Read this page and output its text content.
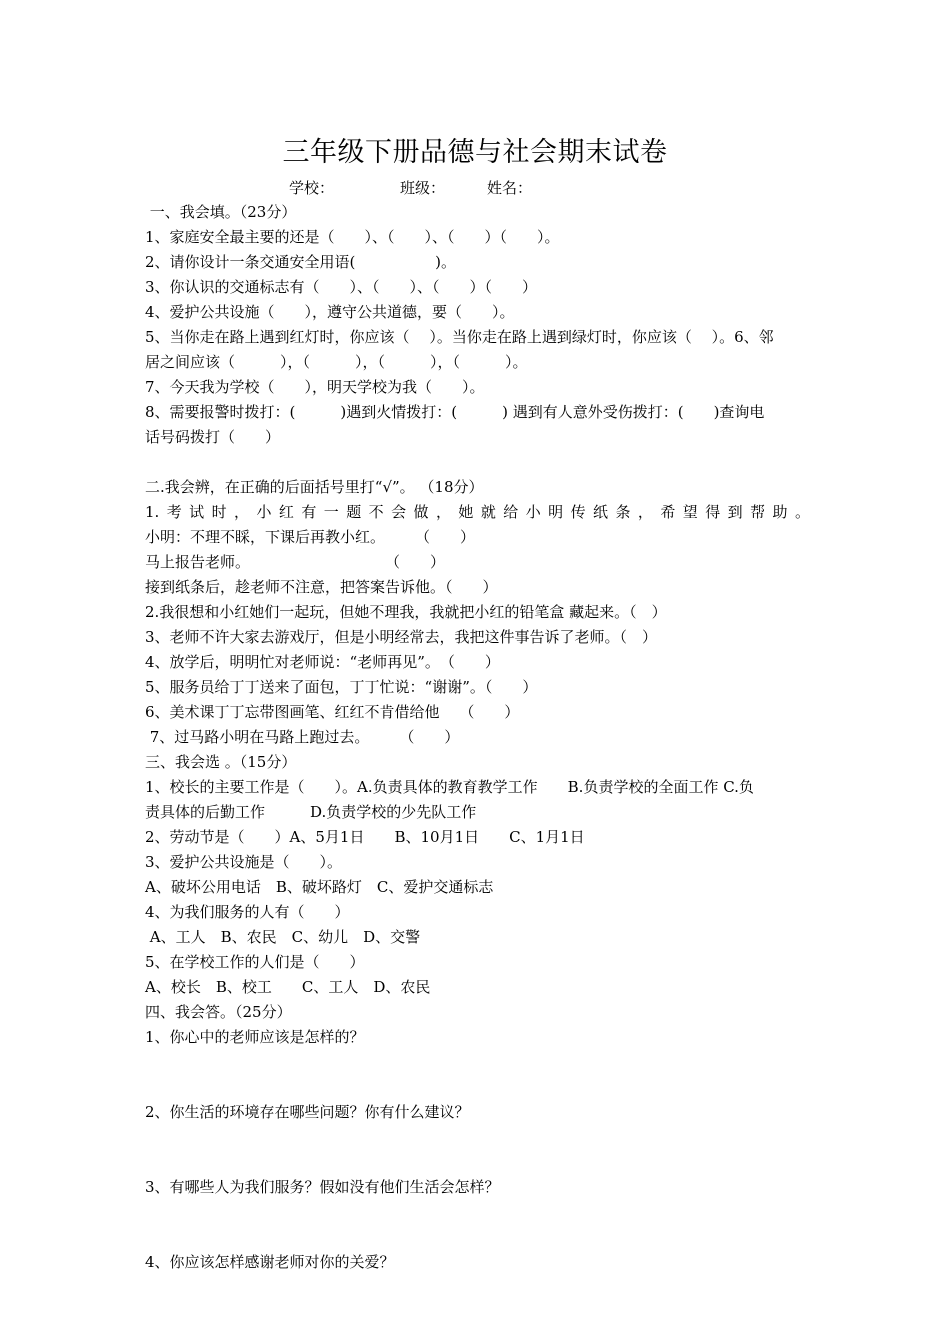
三年级下册品德与社会期末试卷
学校：	班级：	姓名：
一、我会填。（23分）
1、家庭安全最主要的还是（　　）、（　　）、（　　）（　　）。
2、请你设计一条交通安全用语(　　　　　 )。
3、你认识的交通标志有（　　）、（　　）、（　　）（　　）
4、爱护公共设施（　　），遵守公共道德，要（　　）。
5、当你走在路上遇到红灯时，你应该（　 ）。当你走在路上遇到绿灯时，你应该（　 ）。6、邻
居之间应该（　　　），（　　　），（　　　），（　　　）。
7、今天我为学校（　　），明天学校为我（　　）。
8、需要报警时拨打：(　　　)遇到火情拨打：(　　　) 遇到有人意外受伤拨打：(　　)查询电
话号码拨打（　　）
二.我会辨，在正确的后面括号里打“√”。 （18分）
1.考试时，小红有一题不会做，她就给小明传纸条，希望得到帮助。
小明：不理不睬，下课后再教小红。　　　（　　）
马上报告老师。　　　　　　　　　　（　　）
接到纸条后，趁老师不注意，把答案告诉他。（　　）
2.我很想和小红她们一起玩，但她不理我，我就把小红的铅笔盒 藏起来。（　）
3、老师不许大家去游戏厅，但是小明经常去，我把这件事告诉了老师。（　）
4、放学后，明明忙对老师说：“老师再见”。　（　　）
5、服务员给丁丁送来了面包，丁丁忙说：“谢谢”。（　　）
6、美术课丁丁忘带图画笔、红红不肯借给他　 （　　）
7、过马路小明在马路上跑过去。　　　（　　）
三、我会选 。（15分）
1、校长的主要工作是（　　）。A.负责具体的教育教学工作　　B.负责学校的全面工作 C.负
责具体的后勤工作　　　D.负责学校的少先队工作
2、劳动节是（　　）A、5月1日　　B、10月1日　　C、1月1日
3、爱护公共设施是（　　）。
A、破坏公用电话　B、破坏路灯　C、爱护交通标志
4、为我们服务的人有（　　）
A、工人　B、农民　C、幼儿　D、交警
5、在学校工作的人们是（　　）
A、校长　B、校工　　C、工人　D、农民
四、我会答。（25分）
1、你心中的老师应该是怎样的？
2、你生活的环境存在哪些问题？你有什么建议？
3、有哪些人为我们服务？假如没有他们生活会怎样？
4、你应该怎样感谢老师对你的关爱？
